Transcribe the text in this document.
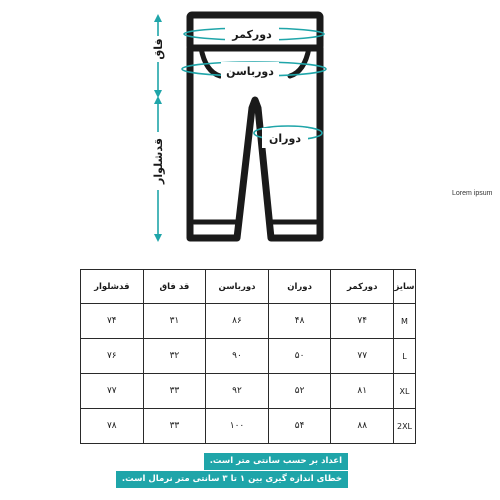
دورکمر
دورباسن
دوران
فاق
قدشلوار
Lorem ipsum
سایز	دورکمر	دوران	دورباسن	قد فاق	قدشلوار
M	۷۴	۴۸	۸۶	۳۱	۷۴
L	۷۷	۵۰	۹۰	۳۲	۷۶
XL	۸۱	۵۲	۹۲	۳۳	۷۷
2XL	۸۸	۵۴	۱۰۰	۳۳	۷۸
اعداد بر حسب سانتی متر است.
خطای اندازه گیری بین ۱ تا ۳ سانتی متر نرمال است.
